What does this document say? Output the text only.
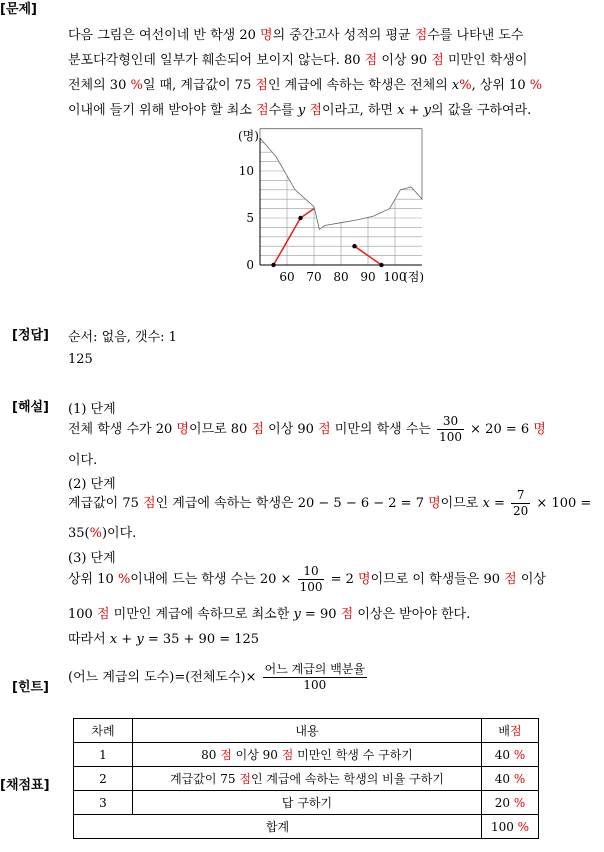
[문제]
다음 그림은 여선이네 반 학생 20 명의 중간고사 성적의 평균 점수를 나타낸 도수
분포다각형인데 일부가 훼손되어 보이지 않는다. 80 점 이상 90 점 미만인 학생이
전체의 30 %일 때, 계급값이 75 점인 계급에 속하는 학생은 전체의 x%, 상위 10 %
이내에 들기 위해 받아야 할 최소 점수를 y 점이라고, 하면 x + y의 값을 구하여라.
0
5
10
60 70 80 90 100
(명)
(점)
[정답] 순서: 없음, 갯수: 1
125
[해설] (1) 단계
전체 학생 수가 20 명이므로 80 점 이상 90 점 미만의 학생 수는 $\frac{30}{100} \times 20 = 6$ 명
이다.
(2) 단계
계급값이 75 점인 계급에 속하는 학생은 20 − 5 − 6 − 2 = 7 명이므로 $x = \frac{7}{20} \times 100$ =
35(%)이다.
(3) 단계
상위 10 %이내에 드는 학생 수는 $20 \times \frac{10}{100} = 2$ 명이므로 이 학생들은 90 점 이상
100 점 미만인 계급에 속하므로 최소한 y = 90 점 이상은 받아야 한다.
따라서 x + y = 35 + 90 = 125
[힌트]
(어느 계급의 도수)=(전체도수)× $\frac{\text{어느 계급의 백분율}}{100}$
[채점표]
차례	내용	배점
1	80 점 이상 90 점 미만인 학생 수 구하기	40 %
2	계급값이 75 점인 계급에 속하는 학생의 비율 구하기	40 %
3	답 구하기	20 %
합계		100 %
